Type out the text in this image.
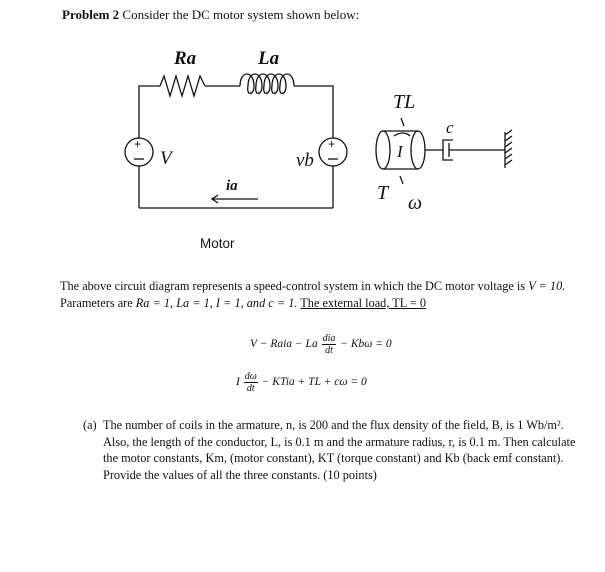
Problem 2 Consider the DC motor system shown below:
Ra	La
V	vb
ia
+	+
TL
I
c
T ω
Motor
The above circuit diagram represents a speed-control system in which the DC motor voltage is V = 10. Parameters are Ra = 1, La = 1, I = 1, and c = 1. The external load, TL = 0
V − Raia − La $\frac{\text{dia}}{dt} - Kb\omega = 0$
I $\frac{d\omega}{dt}$ − KTia + TL + cω = 0
(a) The number of coils in the armature, n, is 200 and the flux density of the field, B, is 1 Wb/m². Also, the length of the conductor, L, is 0.1 m and the armature radius, r, is 0.1 m. Then calculate the motor constants, Km, (motor constant), KT (torque constant) and Kb (back emf constant). Provide the values of all the three constants. (10 points)
